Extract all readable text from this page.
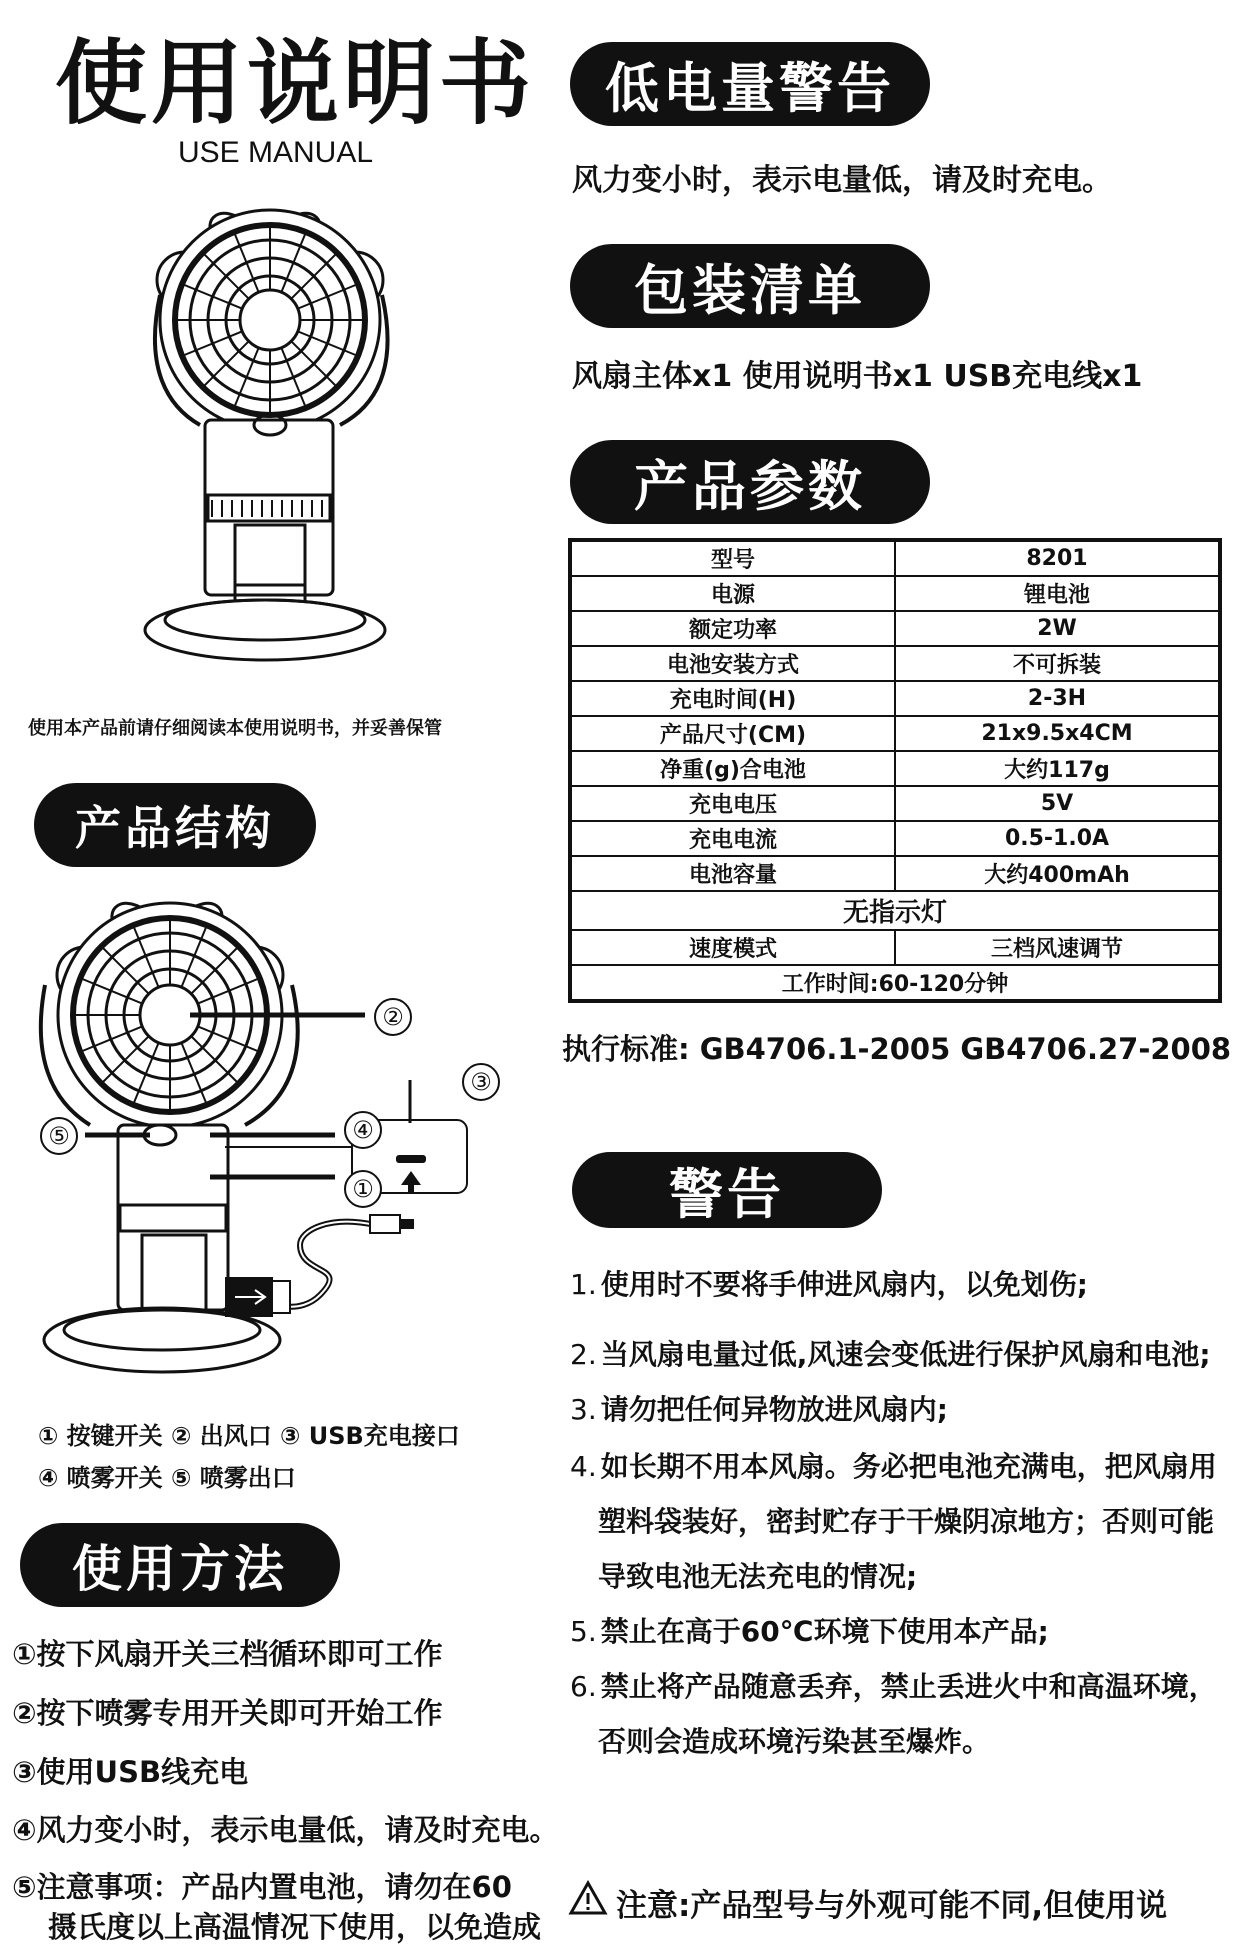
使用说明书
USE MANUAL
使用本产品前请仔细阅读本使用说明书，并妥善保管
产品结构
②
③
⑤	④
①
① 按键开关 ② 出风口 ③ USB充电接口
④ 喷雾开关 ⑤ 喷雾出口
使用方法
①按下风扇开关三档循环即可工作
②按下喷雾专用开关即可开始工作
③使用USB线充电
④风力变小时，表示电量低，请及时充电。
⑤注意事项：产品内置电池，请勿在60
摄氏度以上高温情况下使用，以免造成
低电量警告
风力变小时，表示电量低，请及时充电。
包装清单
风扇主体x1 使用说明书x1 USB充电线x1
产品参数
型号	8201
电源	锂电池
额定功率	2W
电池安装方式	不可拆装
充电时间(H)	2-3H
产品尺寸(CM)	21x9.5x4CM
净重(g)合电池	大约117g
充电电压	5V
充电电流	0.5-1.0A
电池容量	大约400mAh
无指示灯	
速度模式	三档风速调节
工作时间:60-120分钟	
执行标准: GB4706.1-2005 GB4706.27-2008
警告
1. 使用时不要将手伸进风扇内，以免划伤;
2. 当风扇电量过低,风速会变低进行保护风扇和电池;
3. 请勿把任何异物放进风扇内;
4. 如长期不用本风扇。务必把电池充满电，把风扇用
塑料袋装好，密封贮存于干燥阴凉地方；否则可能
导致电池无法充电的情况;
5. 禁止在高于60℃环境下使用本产品;
6. 禁止将产品随意丢弃，禁止丢进火中和高温环境，
否则会造成环境污染甚至爆炸。
注意:产品型号与外观可能不同,但使用说
